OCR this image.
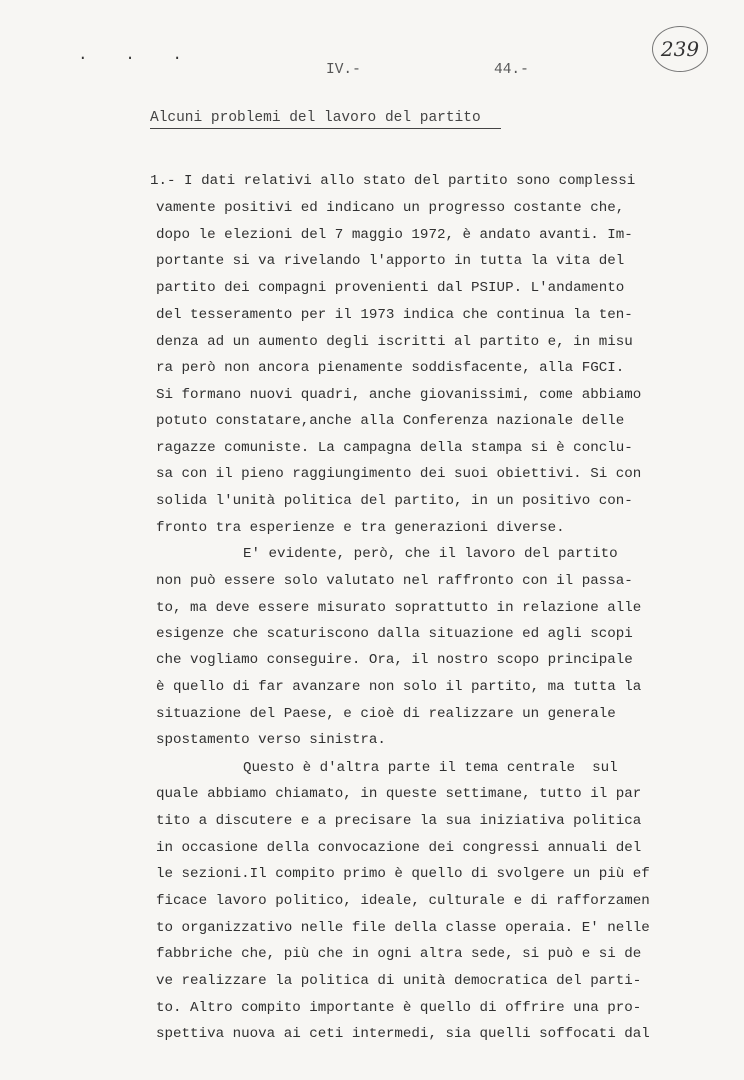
. . .	239
IV.-	44.-
Alcuni problemi del lavoro del partito
1.- I dati relativi allo stato del partito sono complessi
vamente positivi ed indicano un progresso costante che,
dopo le elezioni del 7 maggio 1972, è andato avanti. Im-
portante si va rivelando l'apporto in tutta la vita del
partito dei compagni provenienti dal PSIUP. L'andamento
del tesseramento per il 1973 indica che continua la ten-
denza ad un aumento degli iscritti al partito e, in misu
ra però non ancora pienamente soddisfacente, alla FGCI.
Si formano nuovi quadri, anche giovanissimi, come abbiamo
potuto constatare,anche alla Conferenza nazionale delle
ragazze comuniste. La campagna della stampa si è conclu-
sa con il pieno raggiungimento dei suoi obiettivi. Si con
solida l'unità politica del partito, in un positivo con-
fronto tra esperienze e tra generazioni diverse.
E' evidente, però, che il lavoro del partito
non può essere solo valutato nel raffronto con il passa-
to, ma deve essere misurato soprattutto in relazione alle
esigenze che scaturiscono dalla situazione ed agli scopi
che vogliamo conseguire. Ora, il nostro scopo principale
è quello di far avanzare non solo il partito, ma tutta la
situazione del Paese, e cioè di realizzare un generale
spostamento verso sinistra.
Questo è d'altra parte il tema centrale  sul
quale abbiamo chiamato, in queste settimane, tutto il par
tito a discutere e a precisare la sua iniziativa politica
in occasione della convocazione dei congressi annuali del
le sezioni.Il compito primo è quello di svolgere un più ef
ficace lavoro politico, ideale, culturale e di rafforzamen
to organizzativo nelle file della classe operaia. E' nelle
fabbriche che, più che in ogni altra sede, si può e si de
ve realizzare la politica di unità democratica del parti-
to. Altro compito importante è quello di offrire una pro-
spettiva nuova ai ceti intermedi, sia quelli soffocati dal
